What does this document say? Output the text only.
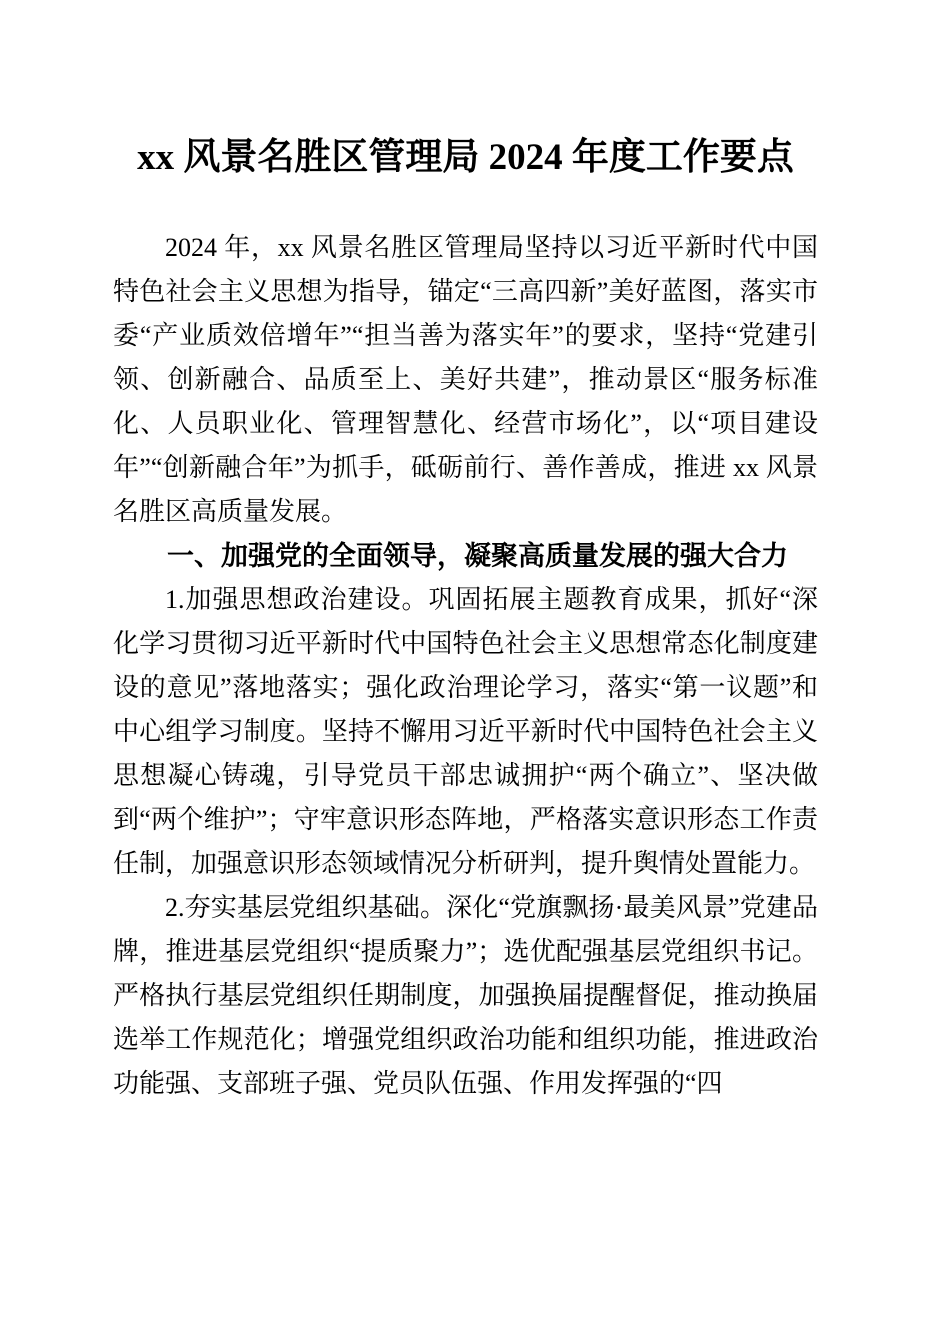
xx 风景名胜区管理局 2024 年度工作要点

2024 年，xx 风景名胜区管理局坚持以习近平新时代中国特色社会主义思想为指导，锚定“三高四新”美好蓝图，落实市委“产业质效倍增年”“担当善为落实年”的要求，坚持“党建引领、创新融合、品质至上、美好共建”，推动景区“服务标准化、人员职业化、管理智慧化、经营市场化”，以“项目建设年”“创新融合年”为抓手，砥砺前行、善作善成，推进 xx 风景名胜区高质量发展。

一、加强党的全面领导，凝聚高质量发展的强大合力

1.加强思想政治建设。巩固拓展主题教育成果，抓好“深化学习贯彻习近平新时代中国特色社会主义思想常态化制度建设的意见”落地落实；强化政治理论学习，落实“第一议题”和中心组学习制度。坚持不懈用习近平新时代中国特色社会主义思想凝心铸魂，引导党员干部忠诚拥护“两个确立”、坚决做到“两个维护”；守牢意识形态阵地，严格落实意识形态工作责任制，加强意识形态领域情况分析研判，提升舆情处置能力。

2.夯实基层党组织基础。深化“党旗飘扬·最美风景”党建品牌，推进基层党组织“提质聚力”；选优配强基层党组织书记。严格执行基层党组织任期制度，加强换届提醒督促，推动换届选举工作规范化；增强党组织政治功能和组织功能，推进政治功能强、支部班子强、党员队伍强、作用发挥强的“四
